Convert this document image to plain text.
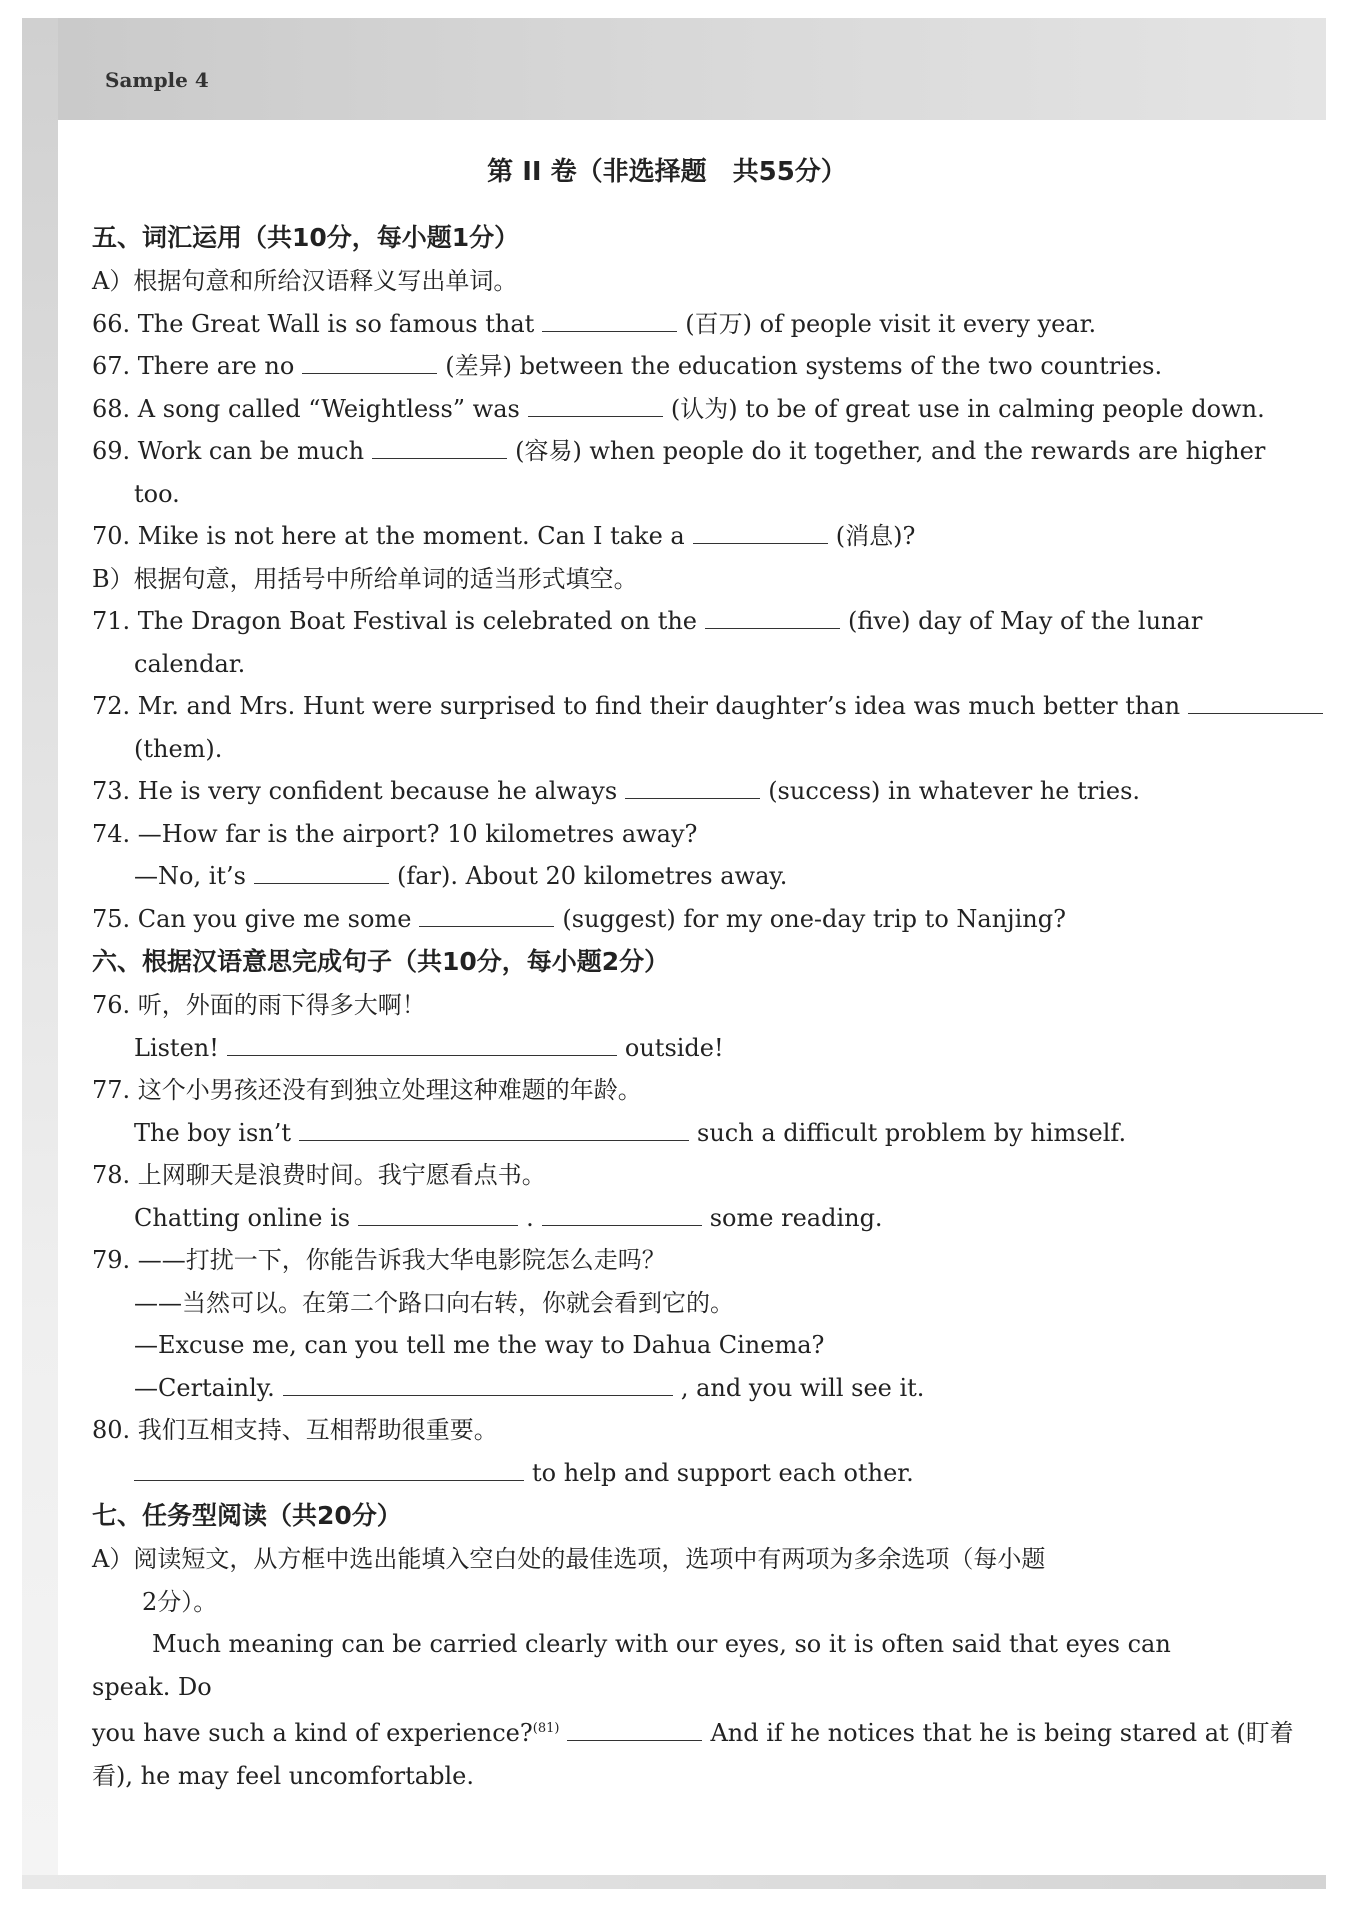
Sample 4
第 II 卷（非选择题　共55分）
五、词汇运用（共10分，每小题1分）
A）根据句意和所给汉语释义写出单词。
66. The Great Wall is so famous that	(百万) of people visit it every year.
67. There are no	(差异) between the education systems of the two countries.
68. A song called “Weightless” was	(认为) to be of great use in calming people down.
69. Work can be much	(容易) when people do it together, and the rewards are higher
too.
70. Mike is not here at the moment. Can I take a	(消息)?
B）根据句意，用括号中所给单词的适当形式填空。
71. The Dragon Boat Festival is celebrated on the	(five) day of May of the lunar
calendar.
72. Mr. and Mrs. Hunt were surprised to find their daughter’s idea was much better than
(them).
73. He is very confident because he always	(success) in whatever he tries.
74. —How far is the airport? 10 kilometres away?
—No, it’s	(far). About 20 kilometres away.
75. Can you give me some	(suggest) for my one-day trip to Nanjing?
六、根据汉语意思完成句子（共10分，每小题2分）
76. 听，外面的雨下得多大啊！
Listen!	outside!
77. 这个小男孩还没有到独立处理这种难题的年龄。
The boy isn’t	such a difficult problem by himself.
78. 上网聊天是浪费时间。我宁愿看点书。
Chatting online is	.	some reading.
79. ——打扰一下，你能告诉我大华电影院怎么走吗？
——当然可以。在第二个路口向右转，你就会看到它的。
—Excuse me, can you tell me the way to Dahua Cinema?
—Certainly.	, and you will see it.
80. 我们互相支持、互相帮助很重要。
to help and support each other.
七、任务型阅读（共20分）
A）阅读短文，从方框中选出能填入空白处的最佳选项，选项中有两项为多余选项（每小题
2分）。
Much meaning can be carried clearly with our eyes, so it is often said that eyes can speak. Do
you have such a kind of experience?$^{(81)}$	And if he notices that he is being stared at (盯着
看), he may feel uncomfortable.
